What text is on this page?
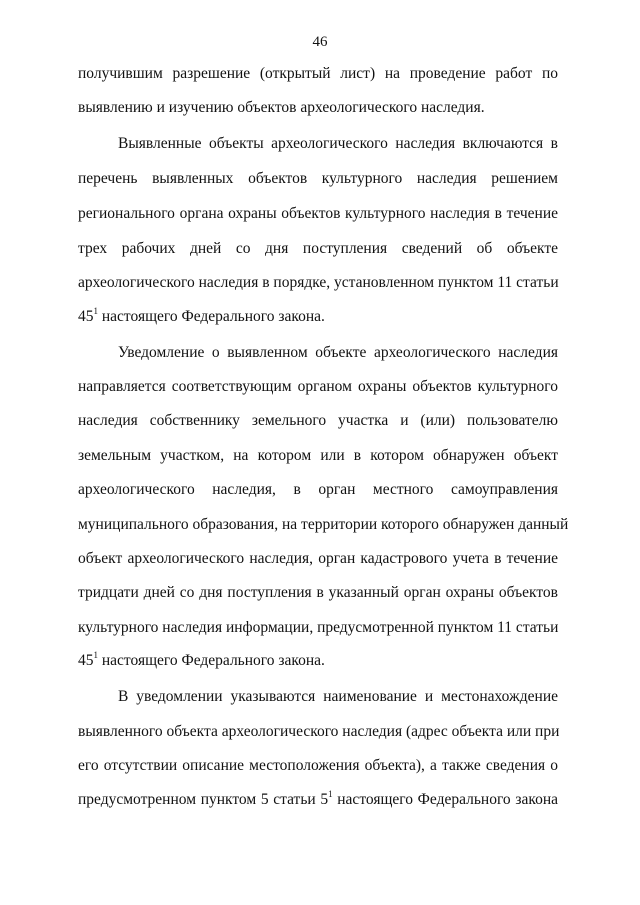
46
получившим разрешение (открытый лист) на проведение работ по
выявлению и изучению объектов археологического наследия.
Выявленные объекты археологического наследия включаются в
перечень выявленных объектов культурного наследия решением
регионального органа охраны объектов культурного наследия в течение
трех рабочих дней со дня поступления сведений об объекте
археологического наследия в порядке, установленном пунктом 11 статьи
$45^1$ настоящего Федерального закона.
Уведомление о выявленном объекте археологического наследия
направляется соответствующим органом охраны объектов культурного
наследия собственнику земельного участка и (или) пользователю
земельным участком, на котором или в котором обнаружен объект
археологического наследия, в орган местного самоуправления
муниципального образования, на территории которого обнаружен данный
объект археологического наследия, орган кадастрового учета в течение
тридцати дней со дня поступления в указанный орган охраны объектов
культурного наследия информации, предусмотренной пунктом 11 статьи
$45^1$ настоящего Федерального закона.
В уведомлении указываются наименование и местонахождение
выявленного объекта археологического наследия (адрес объекта или при
его отсутствии описание местоположения объекта), а также сведения о
предусмотренном пунктом 5 статьи $5^1$ настоящего Федерального закона
